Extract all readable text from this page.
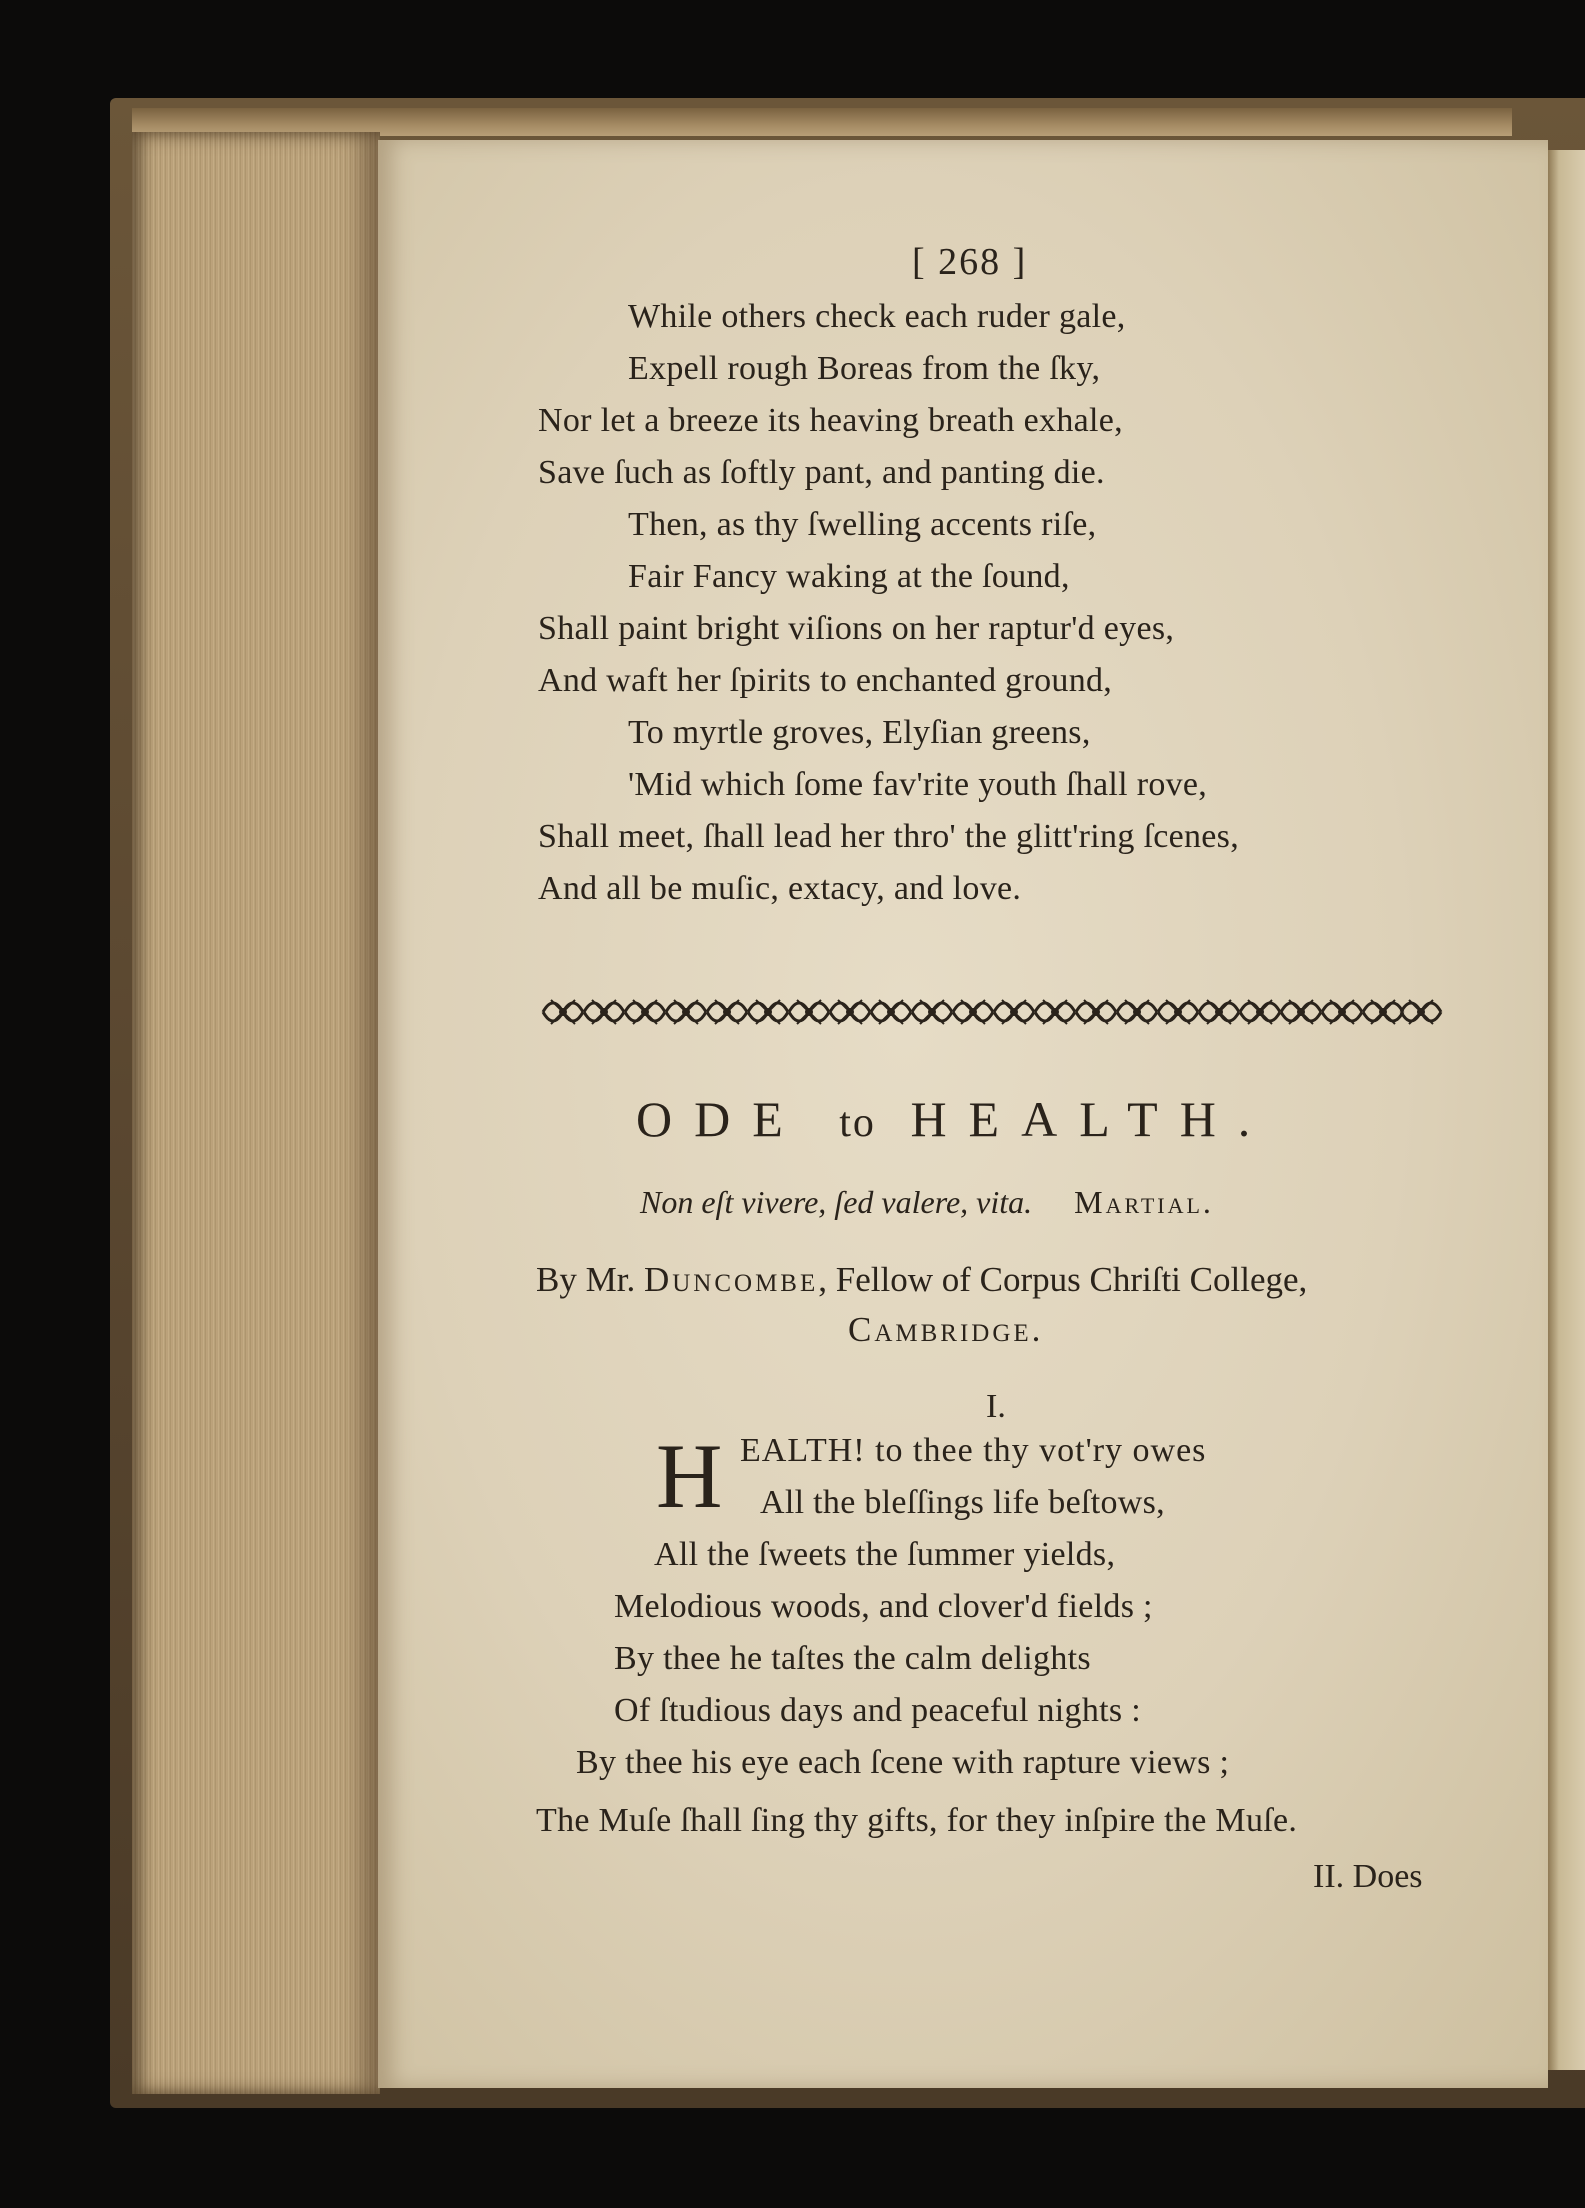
[ 268 ]
While others check each ruder gale,
Expell rough Boreas from the ſky,
Nor let a breeze its heaving breath exhale,
Save ſuch as ſoftly pant, and panting die.
Then, as thy ſwelling accents riſe,
Fair Fancy waking at the ſound,
Shall paint bright viſions on her raptur'd eyes,
And waft her ſpirits to enchanted ground,
To myrtle groves, Elyſian greens,
'Mid which ſome fav'rite youth ſhall rove,
Shall meet, ſhall lead her thro' the glitt'ring ſcenes,
And all be muſic, extacy, and love.
ODE to HEALTH.
Non eſt vivere, ſed valere, vita. Martial.
By Mr. Duncombe, Fellow of Corpus Chriſti College,
Cambridge.
I.
H EALTH! to thee thy vot'ry owes
All the bleſſings life beſtows,
All the ſweets the ſummer yields,
Melodious woods, and clover'd fields ;
By thee he taſtes the calm delights
Of ſtudious days and peaceful nights :
By thee his eye each ſcene with rapture views ;
The Muſe ſhall ſing thy gifts, for they inſpire the Muſe.
II. Does
